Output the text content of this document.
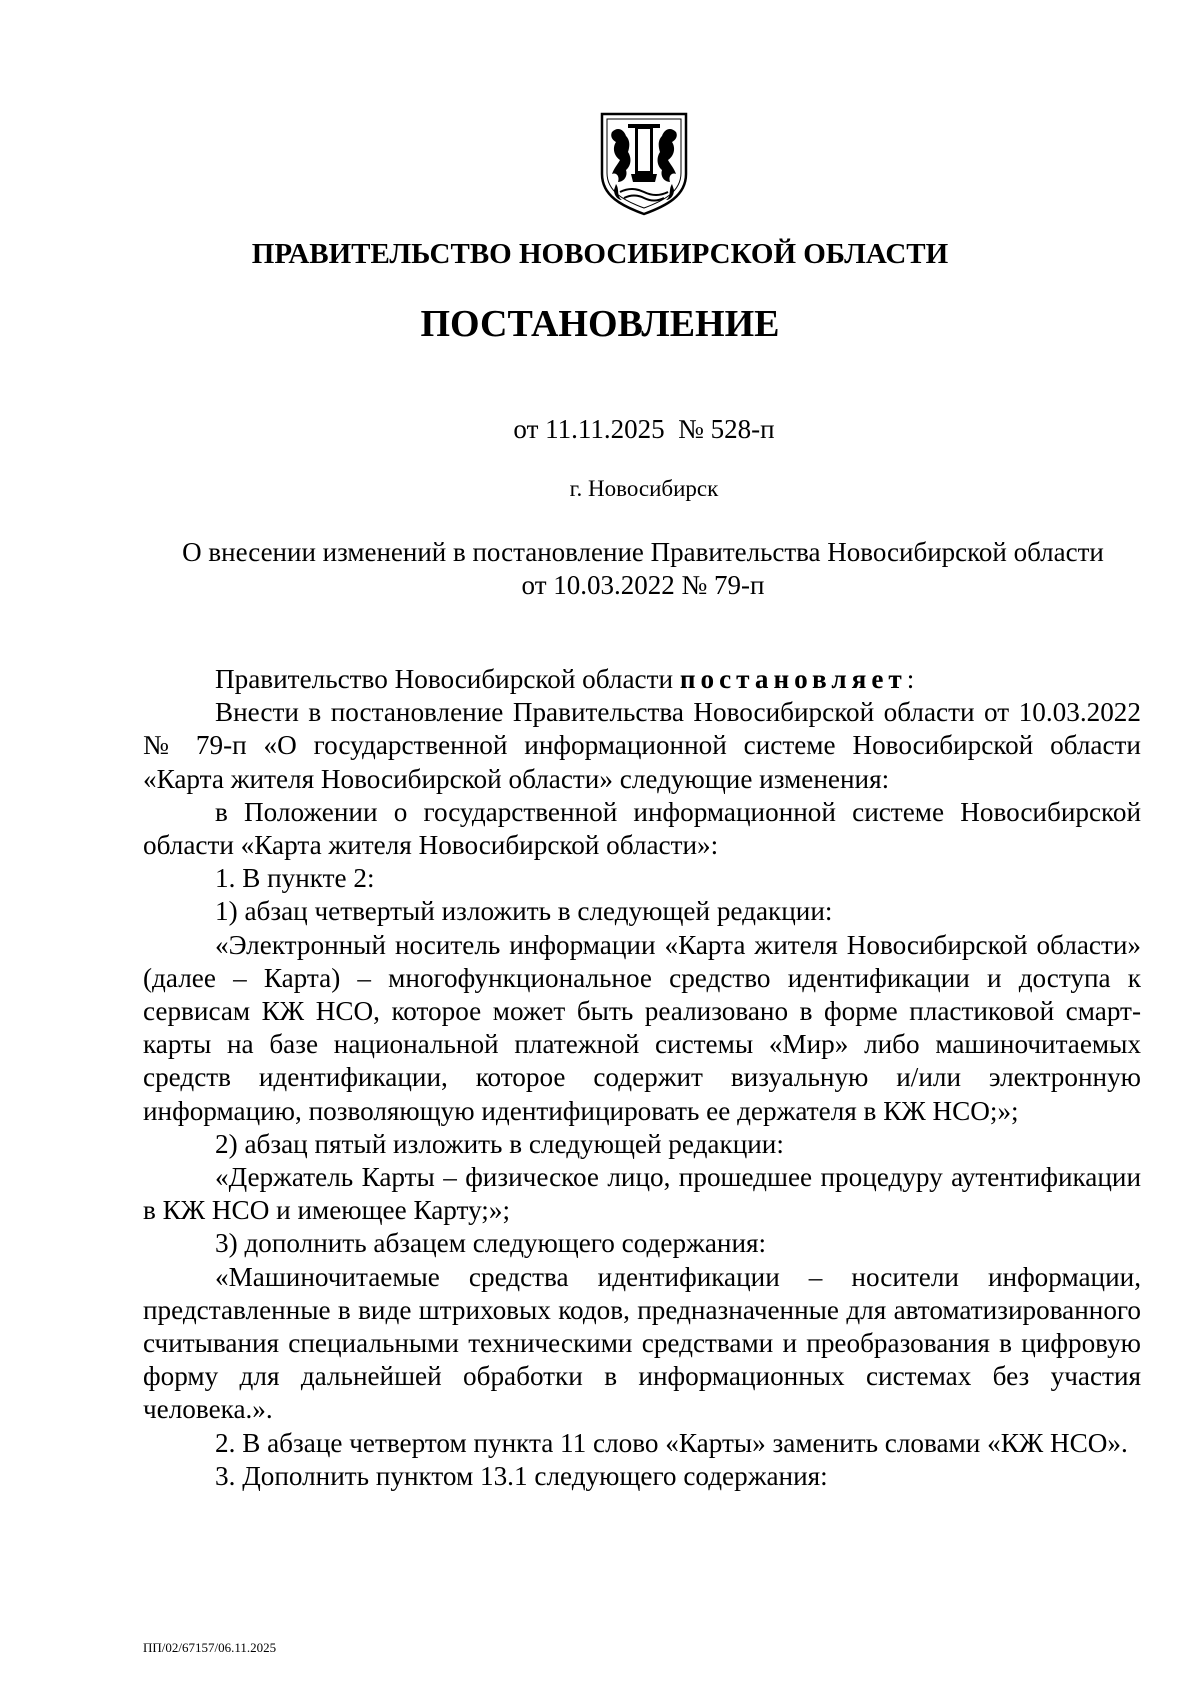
ПРАВИТЕЛЬСТВО НОВОСИБИРСКОЙ ОБЛАСТИ
ПОСТАНОВЛЕНИЕ
от 11.11.2025  № 528-п
г. Новосибирск
О внесении изменений в постановление Правительства Новосибирской области
от 10.03.2022 № 79-п

Правительство Новосибирской области постановляет:

Внести в постановление Правительства Новосибирской области от 10.03.2022 № 79-п «О государственной информационной системе Новосибирской области «Карта жителя Новосибирской области» следующие изменения:

в Положении о государственной информационной системе Новосибирской области «Карта жителя Новосибирской области»:

1. В пункте 2:

1) абзац четвертый изложить в следующей редакции:

«Электронный носитель информации «Карта жителя Новосибирской области» (далее – Карта) – многофункциональное средство идентификации и доступа к сервисам КЖ НСО, которое может быть реализовано в форме пластиковой смарт-карты на базе национальной платежной системы «Мир» либо машиночитаемых средств идентификации, которое содержит визуальную и/или электронную информацию, позволяющую идентифицировать ее держателя в КЖ НСО;»;

2) абзац пятый изложить в следующей редакции:

«Держатель Карты – физическое лицо, прошедшее процедуру аутентификации в КЖ НСО и имеющее Карту;»;

3) дополнить абзацем следующего содержания:

«Машиночитаемые средства идентификации – носители информации, представленные в виде штриховых кодов, предназначенные для автоматизированного считывания специальными техническими средствами и преобразования в цифровую форму для дальнейшей обработки в информационных системах без участия человека.».

2. В абзаце четвертом пункта 11 слово «Карты» заменить словами «КЖ НСО».

3. Дополнить пунктом 13.1 следующего содержания:

ПП/02/67157/06.11.2025
